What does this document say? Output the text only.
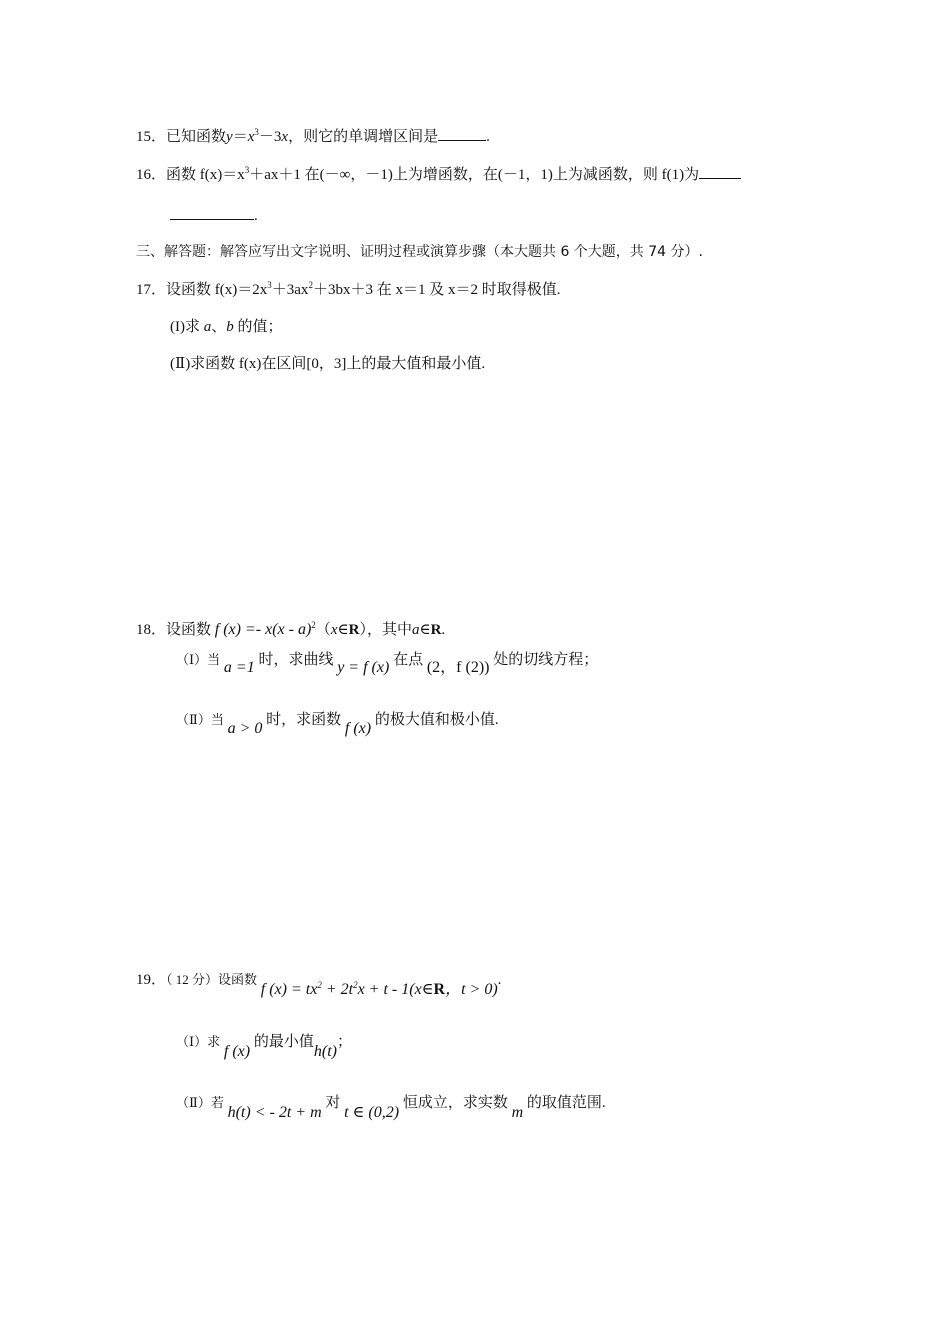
15．已知函数$y=x^3-3x$，则它的单调增区间是	.
16．函数 $f(x)=x^3+ax+1$ 在(－∞，－1)上为增函数，在(－1，1)上为减函数，则 f(1)为
.
三、解答题：解答应写出文字说明、证明过程或演算步骤（本大题共 6 个大题，共 74 分）.
17．设函数 $f(x)=2x^3+3ax^2+3bx+3$ 在 x＝1 及 x＝2 时取得极值.
(I)求 a、b 的值；
(Ⅱ)求函数 f(x)在区间[0，3]上的最大值和最小值.
18．设函数 f (x) =- x(x - a)$^2$（x∈R），其中a∈R.
（Ⅰ）当 a =1 时，求曲线 y = f (x) 在点 (2，f (2)) 处的切线方程；
（Ⅱ）当 a > 0 时，求函数 f (x) 的极大值和极小值.
19．（ 12 分）设函数 f $(x) = tx^2 + 2t^2x + t$ - 1(x∈R，t > 0).
（Ⅰ）求 f (x) 的最小值h(t)；
（Ⅱ）若 h(t) < - 2t + m 对 t ∈ (0,2) 恒成立，求实数 m 的取值范围.
